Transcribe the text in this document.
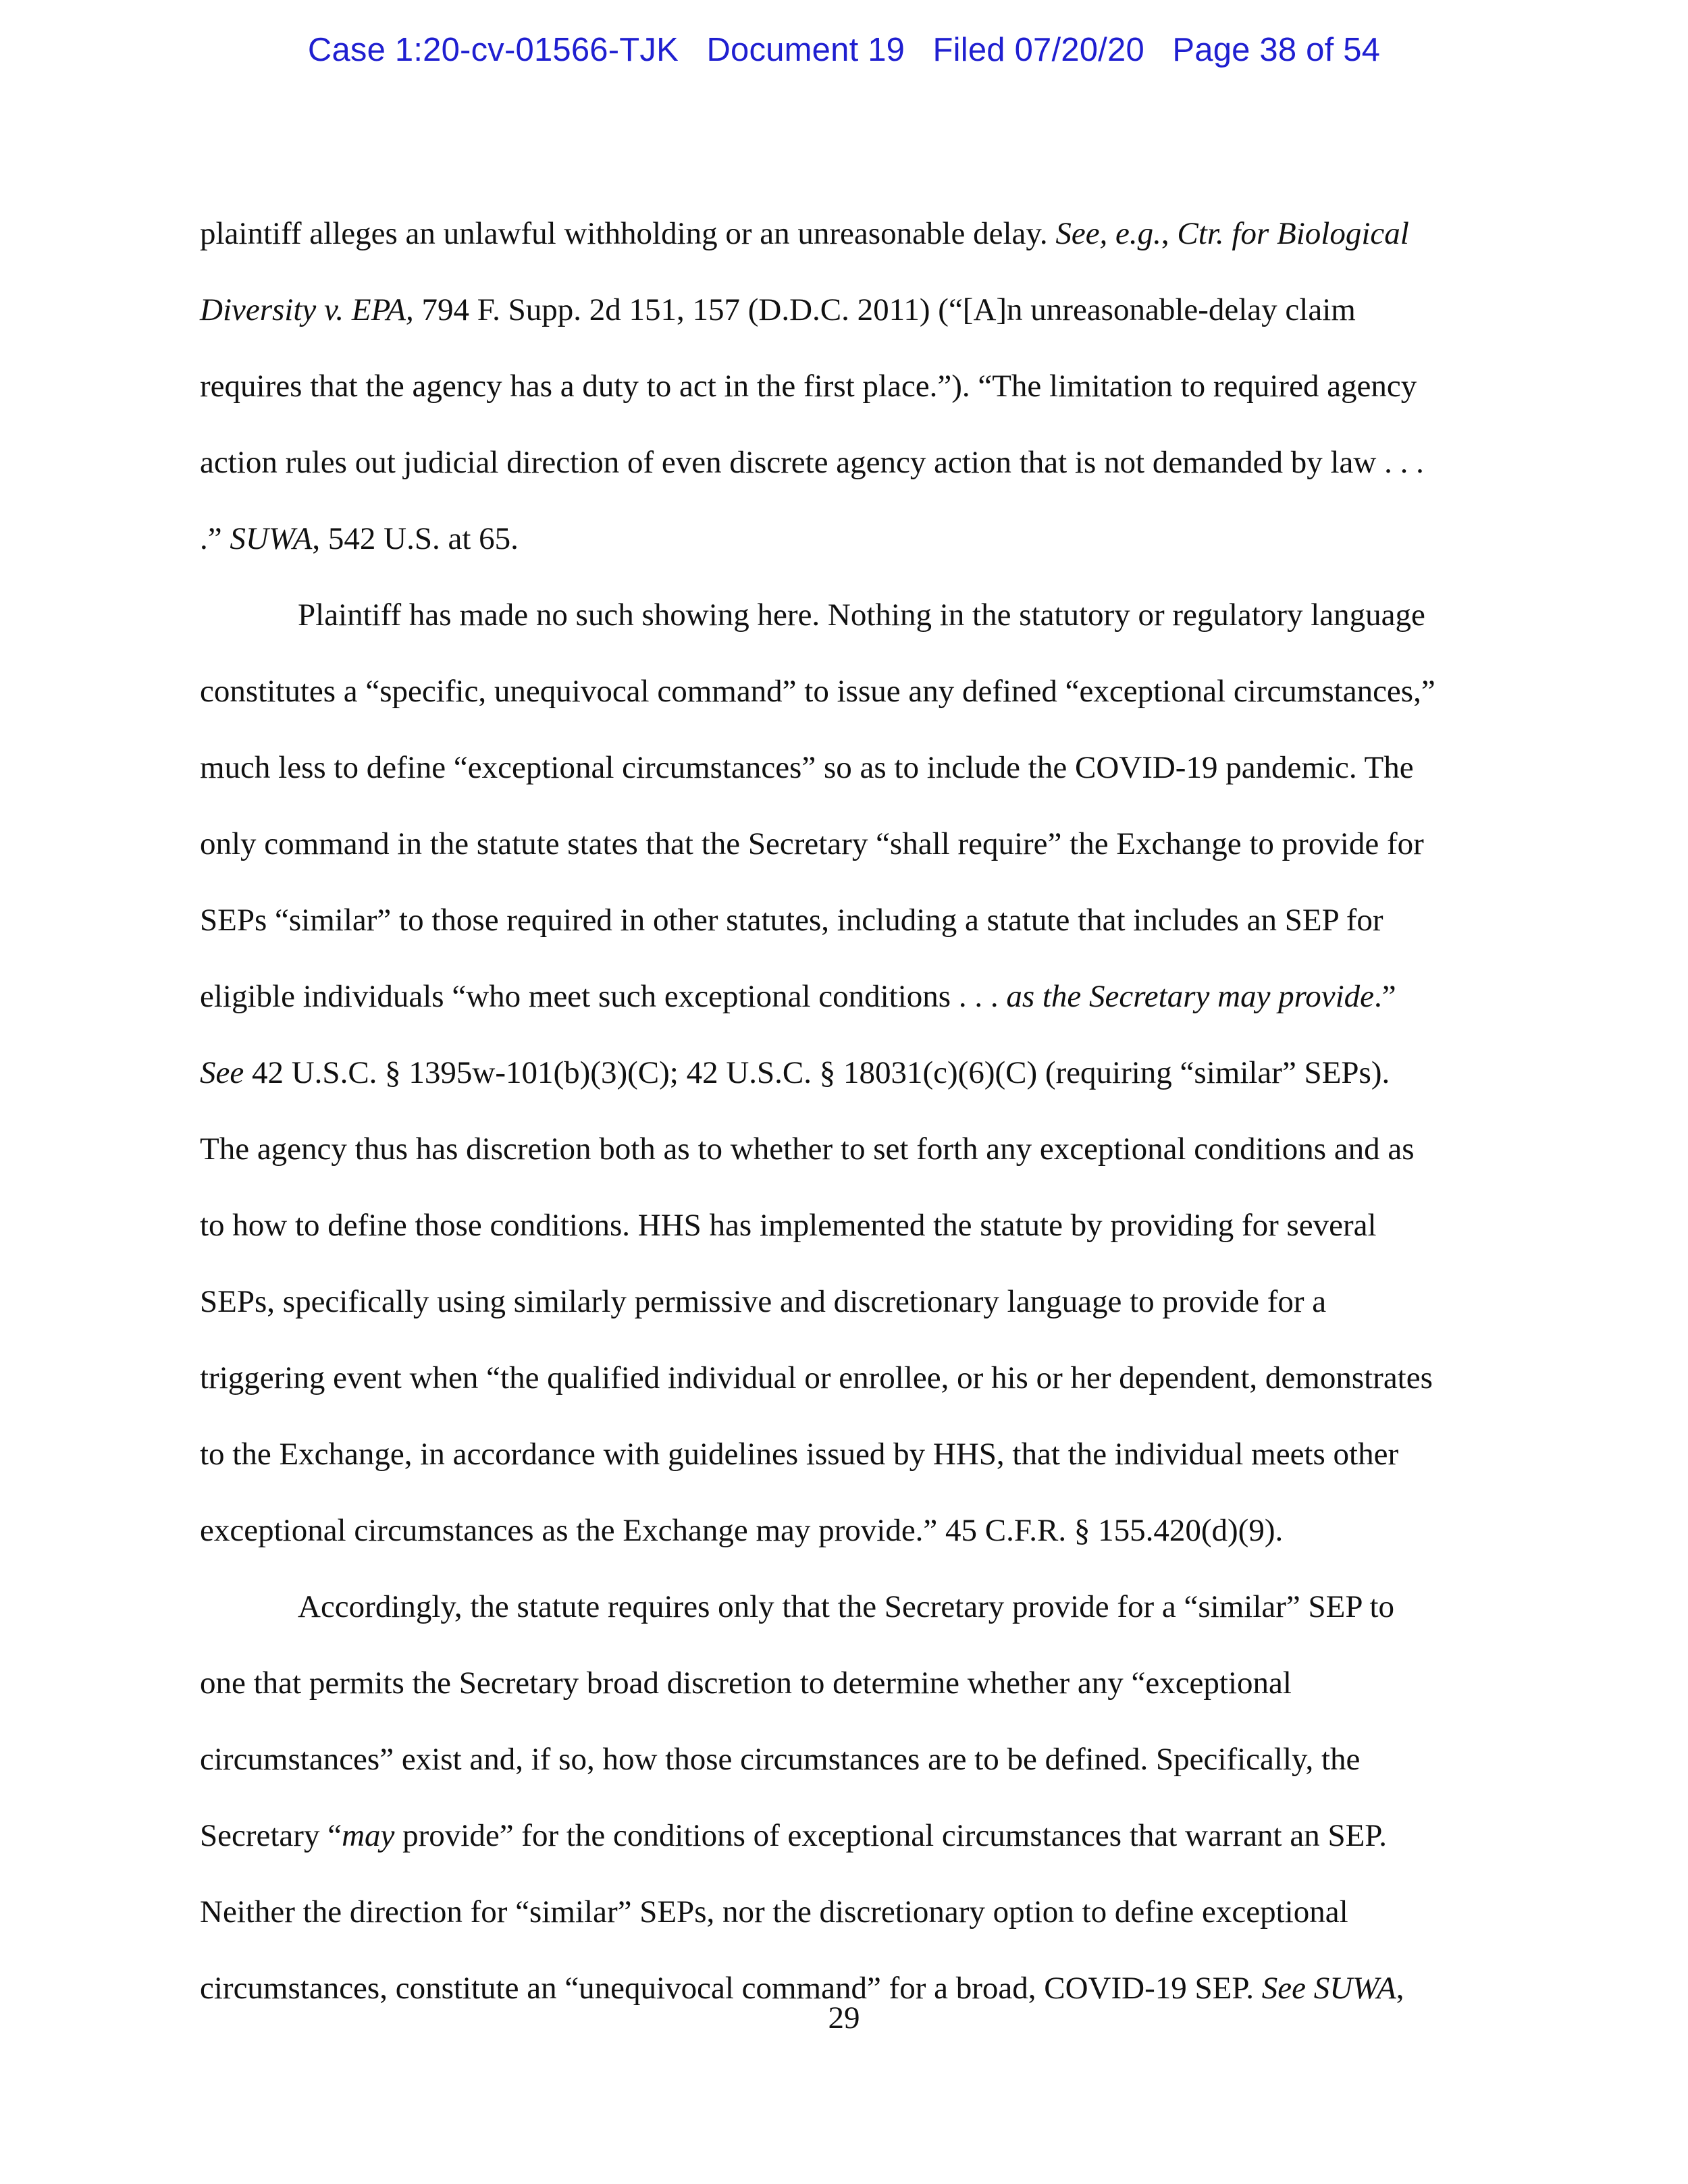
Case 1:20-cv-01566-TJK Document 19 Filed 07/20/20 Page 38 of 54
plaintiff alleges an unlawful withholding or an unreasonable delay. See, e.g., Ctr. for Biological
Diversity v. EPA, 794 F. Supp. 2d 151, 157 (D.D.C. 2011) (“[A]n unreasonable-delay claim
requires that the agency has a duty to act in the first place.”). “The limitation to required agency
action rules out judicial direction of even discrete agency action that is not demanded by law . . .
.” SUWA, 542 U.S. at 65.
Plaintiff has made no such showing here. Nothing in the statutory or regulatory language
constitutes a “specific, unequivocal command” to issue any defined “exceptional circumstances,”
much less to define “exceptional circumstances” so as to include the COVID-19 pandemic. The
only command in the statute states that the Secretary “shall require” the Exchange to provide for
SEPs “similar” to those required in other statutes, including a statute that includes an SEP for
eligible individuals “who meet such exceptional conditions . . . as the Secretary may provide.”
See 42 U.S.C. § 1395w-101(b)(3)(C); 42 U.S.C. § 18031(c)(6)(C) (requiring “similar” SEPs).
The agency thus has discretion both as to whether to set forth any exceptional conditions and as
to how to define those conditions. HHS has implemented the statute by providing for several
SEPs, specifically using similarly permissive and discretionary language to provide for a
triggering event when “the qualified individual or enrollee, or his or her dependent, demonstrates
to the Exchange, in accordance with guidelines issued by HHS, that the individual meets other
exceptional circumstances as the Exchange may provide.” 45 C.F.R. § 155.420(d)(9).
Accordingly, the statute requires only that the Secretary provide for a “similar” SEP to
one that permits the Secretary broad discretion to determine whether any “exceptional
circumstances” exist and, if so, how those circumstances are to be defined. Specifically, the
Secretary “may provide” for the conditions of exceptional circumstances that warrant an SEP.
Neither the direction for “similar” SEPs, nor the discretionary option to define exceptional
circumstances, constitute an “unequivocal command” for a broad, COVID-19 SEP. See SUWA,
29
